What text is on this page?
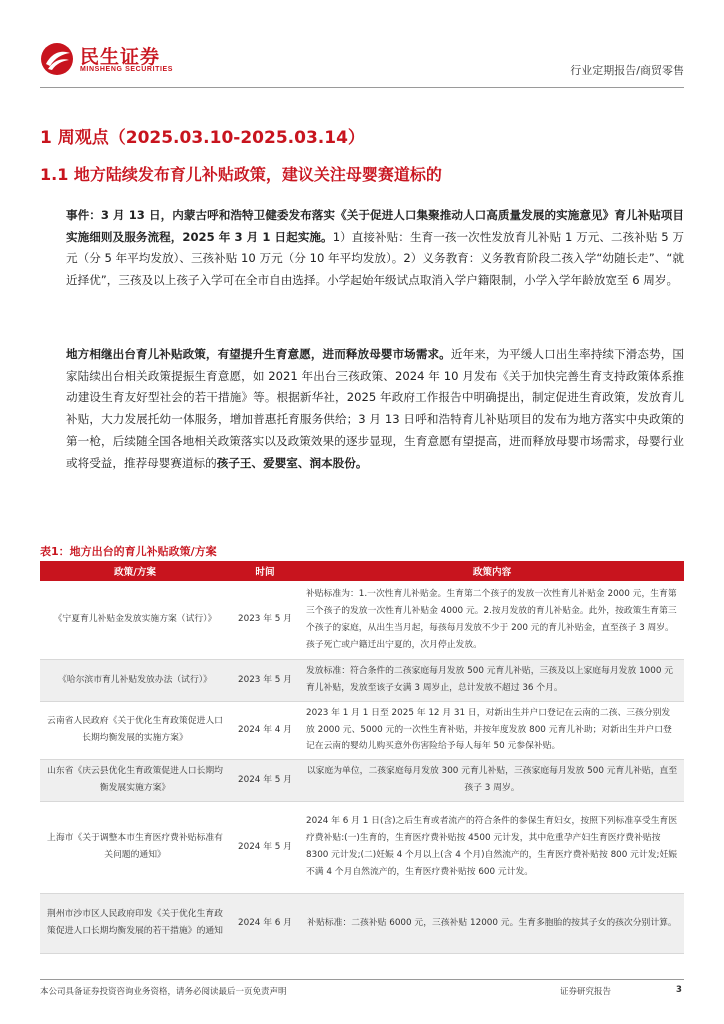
民生证券
MINSHENG SECURITIES	行业定期报告/商贸零售
1 周观点（2025.03.10-2025.03.14）
1.1 地方陆续发布育儿补贴政策，建议关注母婴赛道标的

事件：3 月 13 日，内蒙古呼和浩特卫健委发布落实《关于促进人口集聚推动人口高质量发展的实施意见》育儿补贴项目实施细则及服务流程，2025 年 3 月 1 日起实施。1）直接补贴：生育一孩一次性发放育儿补贴 1 万元、二孩补贴 5 万元（分 5 年平均发放）、三孩补贴 10 万元（分 10 年平均发放）。2）义务教育：义务教育阶段二孩入学“幼随长走”、“就近择优”，三孩及以上孩子入学可在全市自由选择。小学起始年级试点取消入学户籍限制，小学入学年龄放宽至 6 周岁。

地方相继出台育儿补贴政策，有望提升生育意愿，进而释放母婴市场需求。近年来，为平缓人口出生率持续下滑态势，国家陆续出台相关政策提振生育意愿，如 2021 年出台三孩政策、2024 年 10 月发布《关于加快完善生育支持政策体系推动建设生育友好型社会的若干措施》等。根据新华社，2025 年政府工作报告中明确提出，制定促进生育政策，发放育儿补贴，大力发展托幼一体服务，增加普惠托育服务供给；3 月 13 日呼和浩特育儿补贴项目的发布为地方落实中央政策的第一枪，后续随全国各地相关政策落实以及政策效果的逐步显现，生育意愿有望提高，进而释放母婴市场需求，母婴行业或将受益，推荐母婴赛道标的孩子王、爱婴室、润本股份。

表1：地方出台的育儿补贴政策/方案
政策/方案	时间	政策内容
《宁夏育儿补贴金发放实施方案（试行）》	2023 年 5 月	补贴标准为：1.一次性育儿补贴金。生育第二个孩子的发放一次性育儿补贴金 2000 元，生育第三个孩子的发放一次性育儿补贴金 4000 元。2.按月发放的育儿补贴金。此外，按政策生育第三个孩子的家庭，从出生当月起，每孩每月发放不少于 200 元的育儿补贴金，直至孩子 3 周岁。孩子死亡或户籍迁出宁夏的，次月停止发放。
《哈尔滨市育儿补贴发放办法（试行）》	2023 年 5 月	发放标准：符合条件的二孩家庭每月发放 500 元育儿补贴，三孩及以上家庭每月发放 1000 元育儿补贴，发放至该子女满 3 周岁止，总计发放不超过 36 个月。
云南省人民政府《关于优化生育政策促进人口长期均衡发展的实施方案》	2024 年 4 月	2023 年 1 月 1 日至 2025 年 12 月 31 日，对新出生并户口登记在云南的二孩、三孩分别发放 2000 元、5000 元的一次性生育补贴，并按年度发放 800 元育儿补助；对新出生并户口登记在云南的婴幼儿购买意外伤害险给予每人每年 50 元参保补贴。
山东省《庆云县优化生育政策促进人口长期均衡发展实施方案》	2024 年 5 月	以家庭为单位，二孩家庭每月发放 300 元育儿补贴，三孩家庭每月发放 500 元育儿补贴，直至孩子 3 周岁。
上海市《关于调整本市生育医疗费补贴标准有关问题的通知》	2024 年 5 月	2024 年 6 月 1 日(含)之后生育或者流产的符合条件的参保生育妇女，按照下列标准享受生育医疗费补贴:(一)生育的，生育医疗费补贴按 4500 元计发，其中危重孕产妇生育医疗费补贴按 8300 元计发;(二)妊娠 4 个月以上(含 4 个月)自然流产的，生育医疗费补贴按 800 元计发;妊娠不满 4 个月自然流产的，生育医疗费补贴按 600 元计发。
荆州市沙市区人民政府印发《关于优化生育政策促进人口长期均衡发展的若干措施》的通知	2024 年 6 月	补贴标准：二孩补贴 6000 元，三孩补贴 12000 元。生育多胞胎的按其子女的孩次分别计算。
本公司具备证券投资咨询业务资格，请务必阅读最后一页免责声明	证券研究报告	3
